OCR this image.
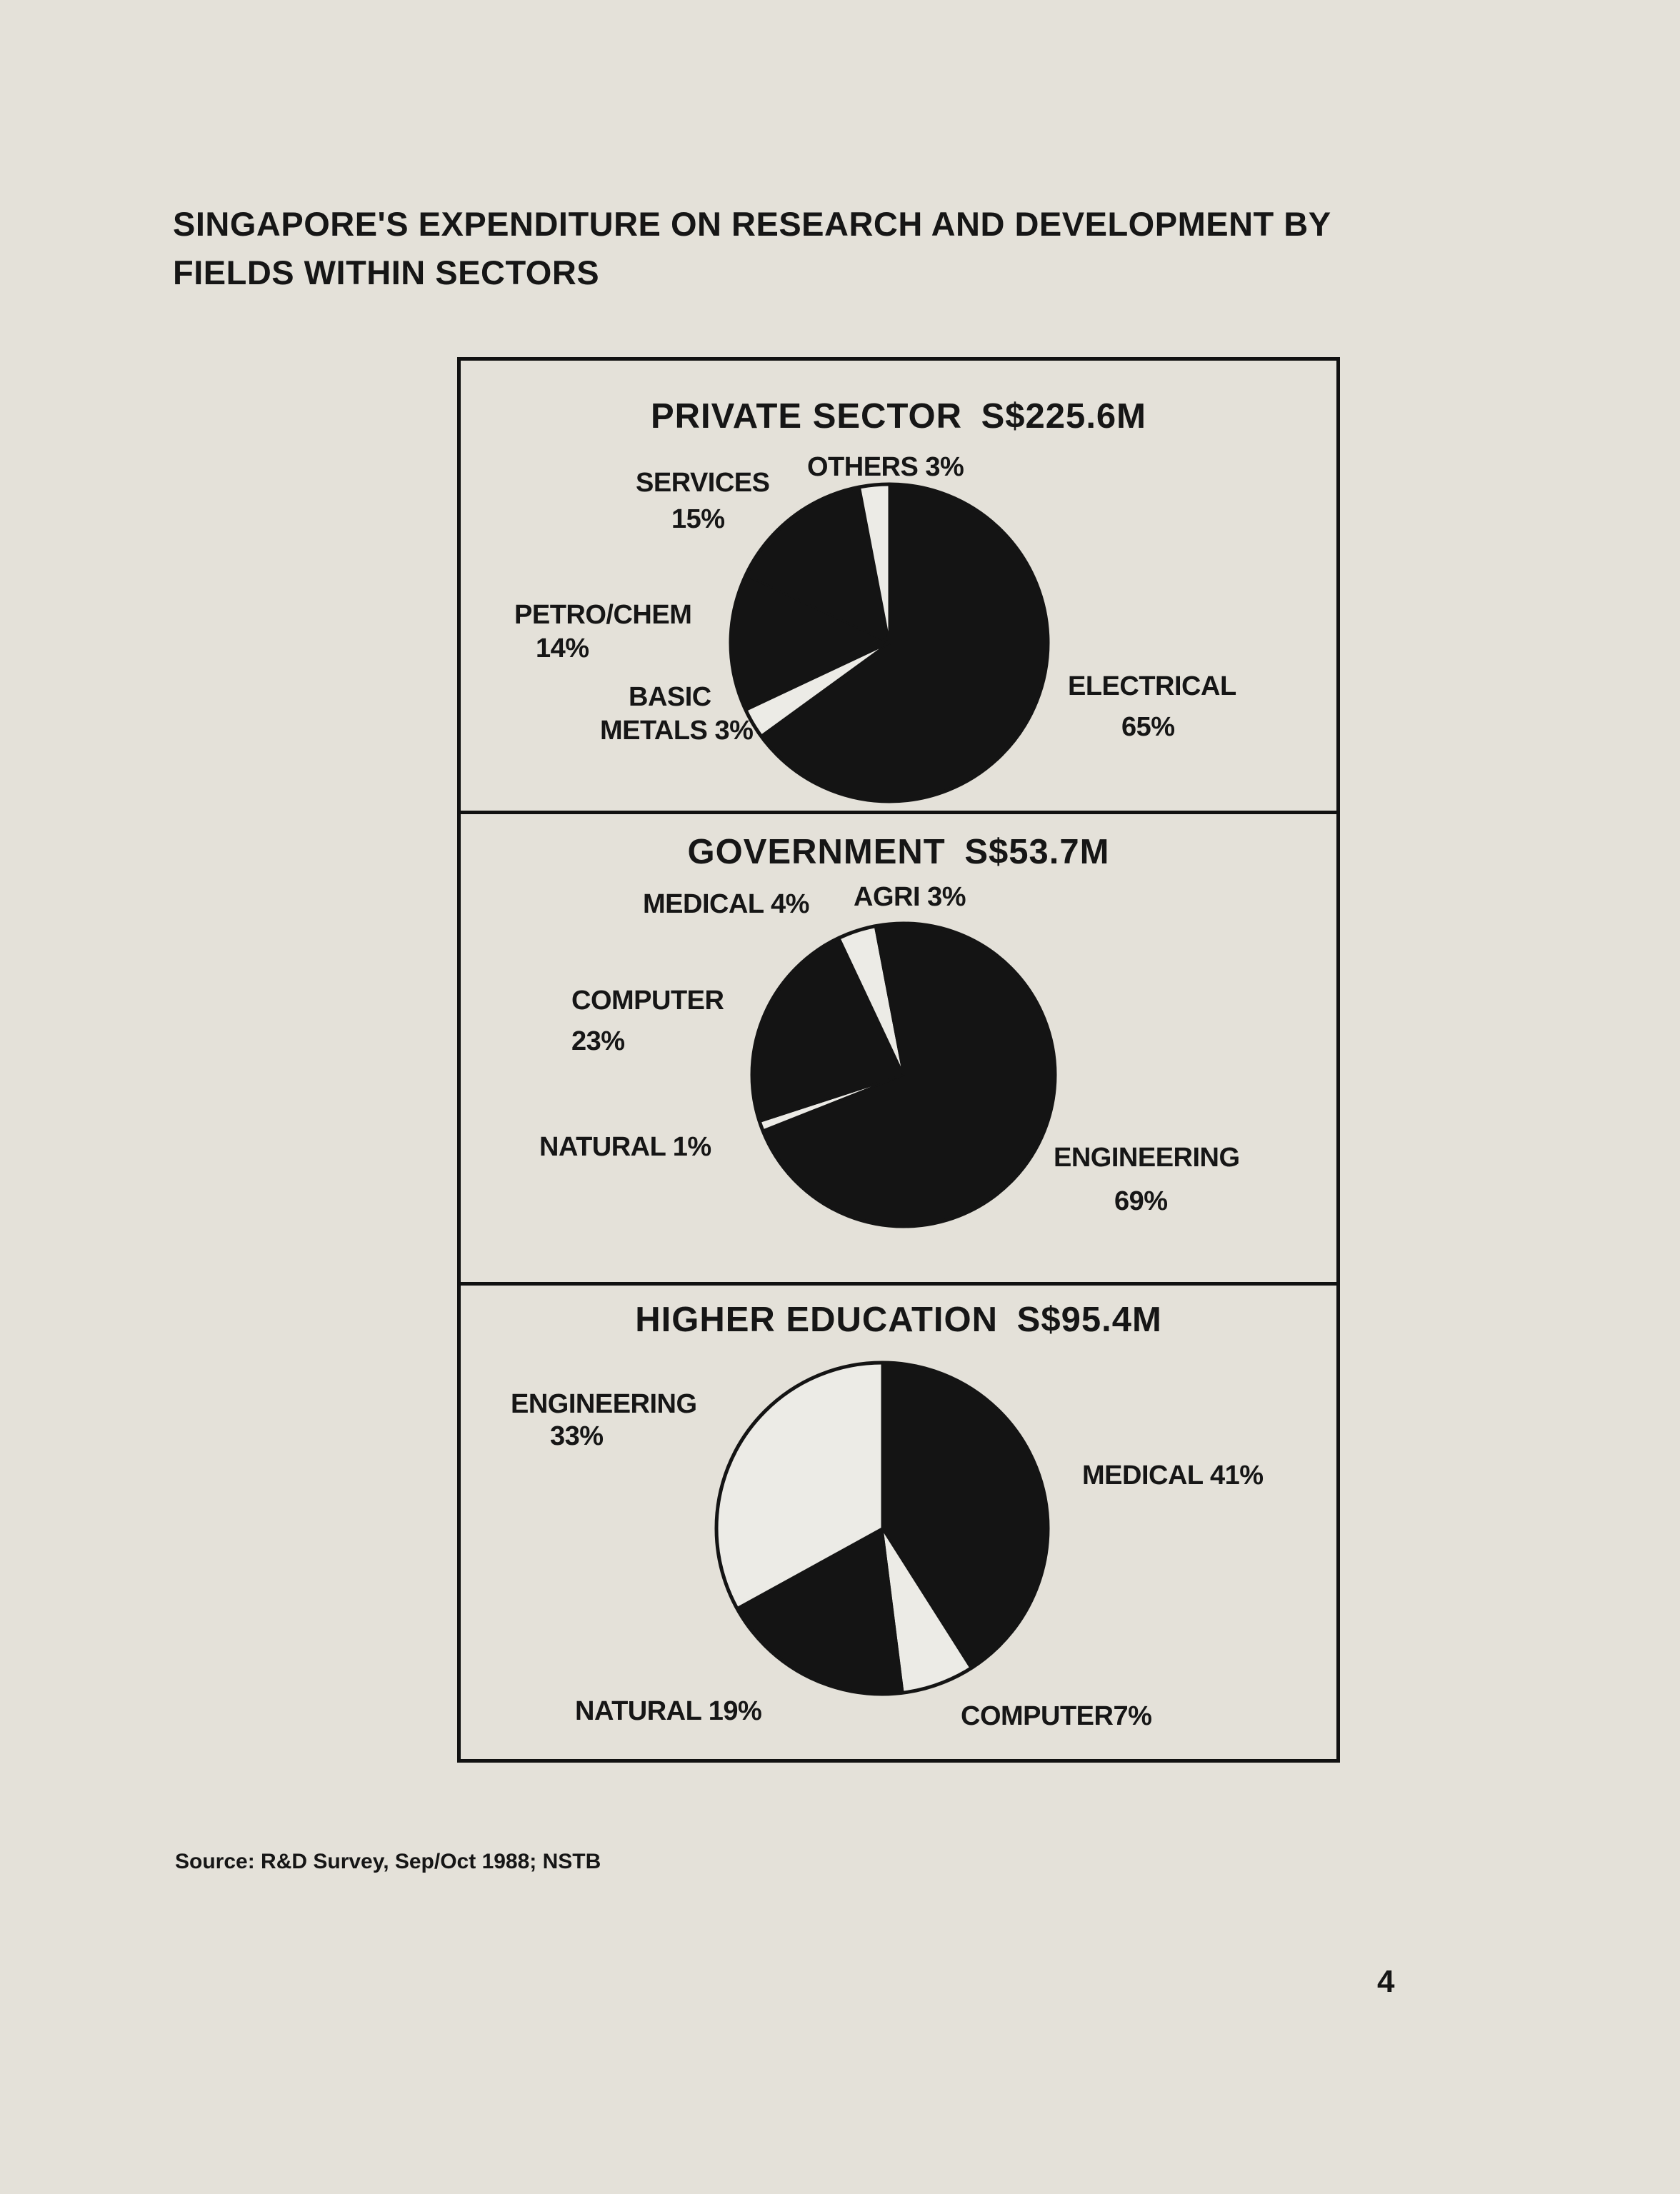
SINGAPORE'S EXPENDITURE ON RESEARCH AND DEVELOPMENT BY
FIELDS WITHIN SECTORS
PRIVATE SECTOR S$225.6M
OTHERS 3%
SERVICES
15%
PETRO/CHEM
14%
BASIC
METALS 3%
ELECTRICAL
65%
GOVERNMENT S$53.7M
MEDICAL 4% AGRI 3%
COMPUTER
23%
NATURAL 1%	ENGINEERING
69%
HIGHER EDUCATION S$95.4M
ENGINEERING
33%
MEDICAL 41%
NATURAL 19%	COMPUTER7%
Source: R&D Survey, Sep/Oct 1988; NSTB
4
